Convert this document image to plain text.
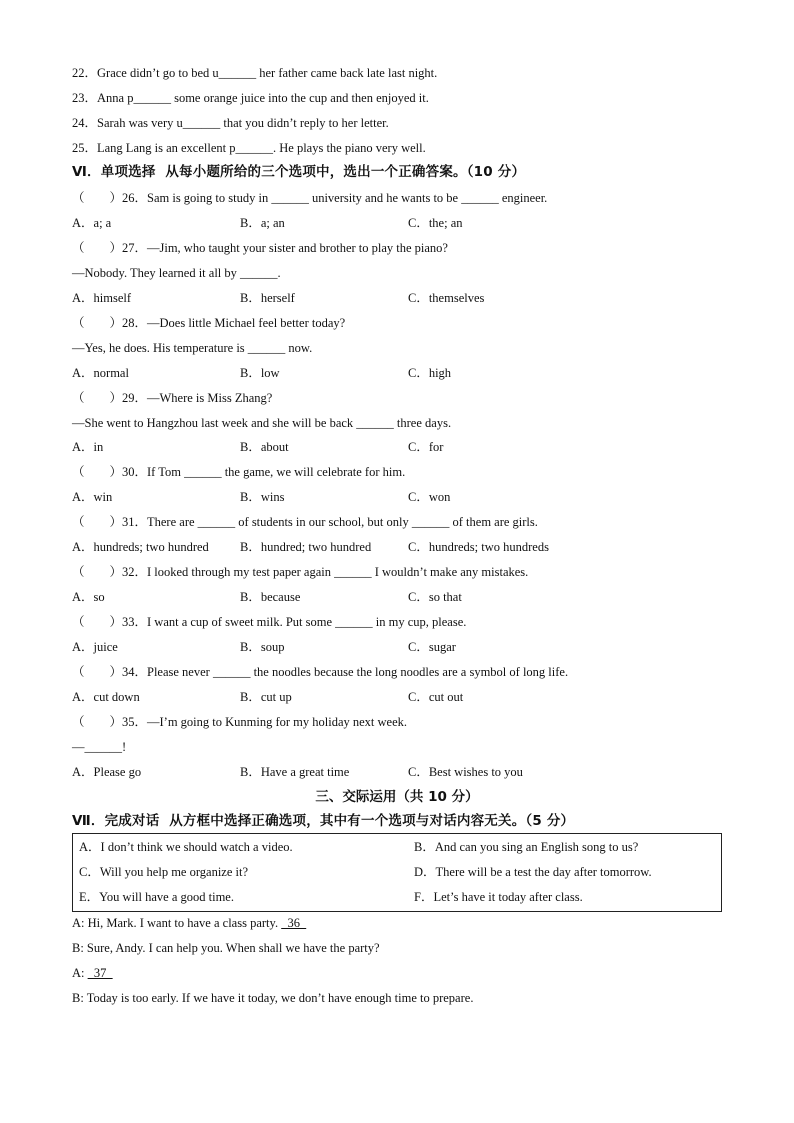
22．Grace didn’t go to bed u______ her father came back late last night.
23．Anna p______ some orange juice into the cup and then enjoyed it.
24．Sarah was very u______ that you didn’t reply to her letter.
25．Lang Lang is an excellent p______. He plays the piano very well.
Ⅵ．单项选择  从每小题所给的三个选项中，选出一个正确答案。（10 分）
（　　）26．Sam is going to study in ______ university and he wants to be ______ engineer.
A．a; a	B．a; an	C．the; an
（　　）27．—Jim, who taught your sister and brother to play the piano?
—Nobody. They learned it all by ______.
A．himself	B．herself	C．themselves
（　　）28．—Does little Michael feel better today?
—Yes, he does. His temperature is ______ now.
A．normal	B．low	C．high
（　　）29．—Where is Miss Zhang?
—She went to Hangzhou last week and she will be back ______ three days.
A．in	B．about	C．for
（　　）30．If Tom ______ the game, we will celebrate for him.
A．win	B．wins	C．won
（　　）31．There are ______ of students in our school, but only ______ of them are girls.
A．hundreds; two hundred B．hundred; two hundred	C．hundreds; two hundreds
（　　）32．I looked through my test paper again ______ I wouldn’t make any mistakes.
A．so	B．because	C．so that
（　　）33．I want a cup of sweet milk. Put some ______ in my cup, please.
A．juice	B．soup	C．sugar
（　　）34．Please never ______ the noodles because the long noodles are a symbol of long life.
A．cut down	B．cut up	C．cut out
（　　）35．—I’m going to Kunming for my holiday next week.
—______!
A．Please go	B．Have a great time	C．Best wishes to you
三、交际运用（共 10 分）
Ⅶ．完成对话  从方框中选择正确选项，其中有一个选项与对话内容无关。（5 分）
A．I don’t think we should watch a video.	B．And can you sing an English song to us?
C．Will you help me organize it?	D．There will be a test the day after tomorrow.
E．You will have a good time.	F．Let’s have it today after class.
A: Hi, Mark. I want to have a class party.   36
B: Sure, Andy. I can help you. When shall we have the party?
A:   37
B: Today is too early. If we have it today, we don’t have enough time to prepare.
